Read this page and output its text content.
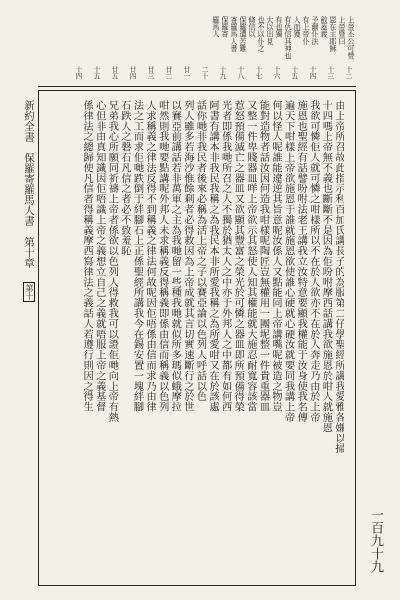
上帝丕公可赞
上帝暨曰
恩在主耶穌
斂蓋義
予爾仆法
有上帝仆
人而獲
有仇信其神也
有也獨
大以出見
也不以仆之
條信以
保羅遭苦難
寄羅馬人書
保羅寄
羅馬人
十二
十三
十四
十五
十六
十七
十八
十九
二十
廿一
廿二
廿三
廿四
廿五
十五
十四
由上帝所召故此指示利百加氏講長子的為服第二仔學聖經所講我愛雅各嫌以掃
十四嗎上帝無不義也斷斷不是因為佢吩咐摩西話講我欲施恩於咁人就施恩
我欲可憐佢人就可憐之咁樣所以不在於人欲亦不在於人奔走乃由於上帝
施恩也聖經有話譬吩咐法老王講我立汝特意要顯我權能于汝身使我名傳
遍天下咁樣上帝欲施恩于誰就施恩欲使誰心硬就心硬汝就要同我講上帝
何以怪人呢誰能違逆其旨意呢汝係人又點能同上帝講嘴呢被造之物豈
能對造物者話汝因何造我咁樣呢陶匠豈無權用一團坭整一件貴重器皿
又整一件卑賤器皿咩上帝欲示其怒使人知其權能就大施忍耐寬容該當
惹怒預備滅亡之器皿又欲顯其豐富之榮光於可憐之器皿即所預備得榮
光者即係我哋所召之人不獨於猶太人之中亦于外邦人之中都有如何西
阿書有講本非我民我稱之為我民本非所愛我稱之為所愛咁又在於該處
話你哋非我民者後來必稱為活上帝之子以賽亞論以色列人呼話以色
列人雖多若海沙惟餘剩者必得救因為上帝成就其言切實速斷行之於世
以賽亞前講話若非萬軍之主為我哋留一些種我哋就似所多瑪似蛾摩拉
咁然則我哋要點講呢外邦人未求稱義反得稱義即係由信而稱義以色列
人求稱義之律法反得不到稱義之律法何故呢因佢唔係由信而求乃由律
法之工而求佢哋跌倒于絆腳石上正係聖經所講我今在錫安置一塊絆腳
石跌人之磐石凡信之者必不致羞恥
兄弟我心所願同祈禱上帝者係欲以色列人得救我可以證佢哋向上帝有熱
心但非由真知識因佢唔識上帝之義想立自己之義就唔服上帝之義基督
係律法之總歸使凡信者得稱義摩西寫律法之義話人若遵行則因之得生
新約全書　保羅寄羅馬人書　第十章 第十
一百九十九
